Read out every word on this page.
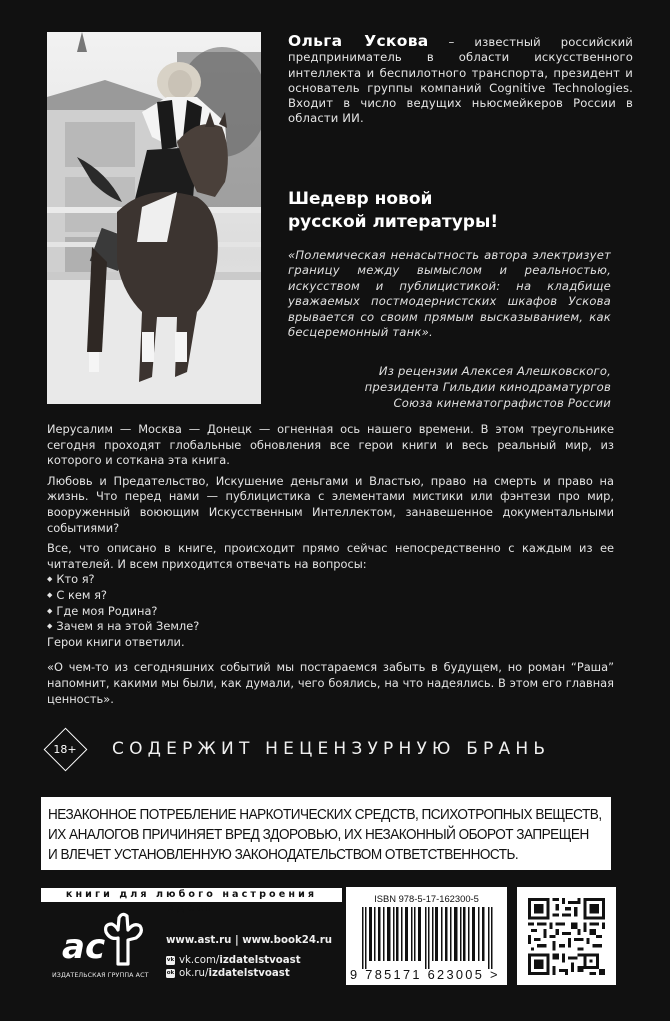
Ольга Ускова – известный российский предприниматель в области искусственного интеллекта и беспилотного транспорта, президент и основатель группы компаний Cognitive Technologies. Входит в число ведущих ньюсмейкеров России в области ИИ.
Шедевр новой
русской литературы!
«Полемическая ненасытность автора электризует границу между вымыслом и реальностью, искусством и публицистикой: на кладбище уважаемых постмодернистских шкафов Ускова врывается со своим прямым высказыванием, как бесцеремонный танк».
Из рецензии Алексея Алешковского,
президента Гильдии кинодраматургов
Союза кинематографистов России

Иерусалим — Москва — Донецк — огненная ось нашего времени. В этом треугольнике сегодня проходят глобальные обновления все герои книги и весь реальный мир, из которого и соткана эта книга.

Любовь и Предательство, Искушение деньгами и Властью, право на смерть и право на жизнь. Что перед нами — публицистика с элементами мистики или фэнтези про мир, вооруженный воюющим Искусственным Интеллектом, занавешенное документальными событиями?

Все, что описано в книге, происходит прямо сейчас непосредственно с каждым из ее читателей. И всем приходится отвечать на вопросы:

◆ Кто я?
◆ С кем я?
◆ Где моя Родина?
◆ Зачем я на этой Земле?

Герои книги ответили.

«О чем-то из сегодняшних событий мы постараемся забыть в будущем, но роман “Раша” напомнит, какими мы были, как думали, чего боялись, на что надеялись. В этом его главная ценность».

18+	СОДЕРЖИТ НЕЦЕНЗУРНУЮ БРАНЬ
НЕЗАКОННОЕ ПОТРЕБЛЕНИЕ НАРКОТИЧЕСКИХ СРЕДСТВ, ПСИХОТРОПНЫХ ВЕЩЕСТВ,
ИХ АНАЛОГОВ ПРИЧИНЯЕТ ВРЕД ЗДОРОВЬЮ, ИХ НЕЗАКОННЫЙ ОБОРОТ ЗАПРЕЩЕН
И ВЛЕЧЕТ УСТАНОВЛЕННУЮ ЗАКОНОДАТЕЛЬСТВОМ ОТВЕТСТВЕННОСТЬ.
книги для любого настроения здесь
ac
ИЗДАТЕЛЬСКАЯ ГРУППА АСТ
www.ast.ru | www.book24.ru
vk vk.com/ izdatelstvoast
ok ok.ru/ izdatelstvoast
ISBN 978-5-17-162300-5
9 785171 623005 >
